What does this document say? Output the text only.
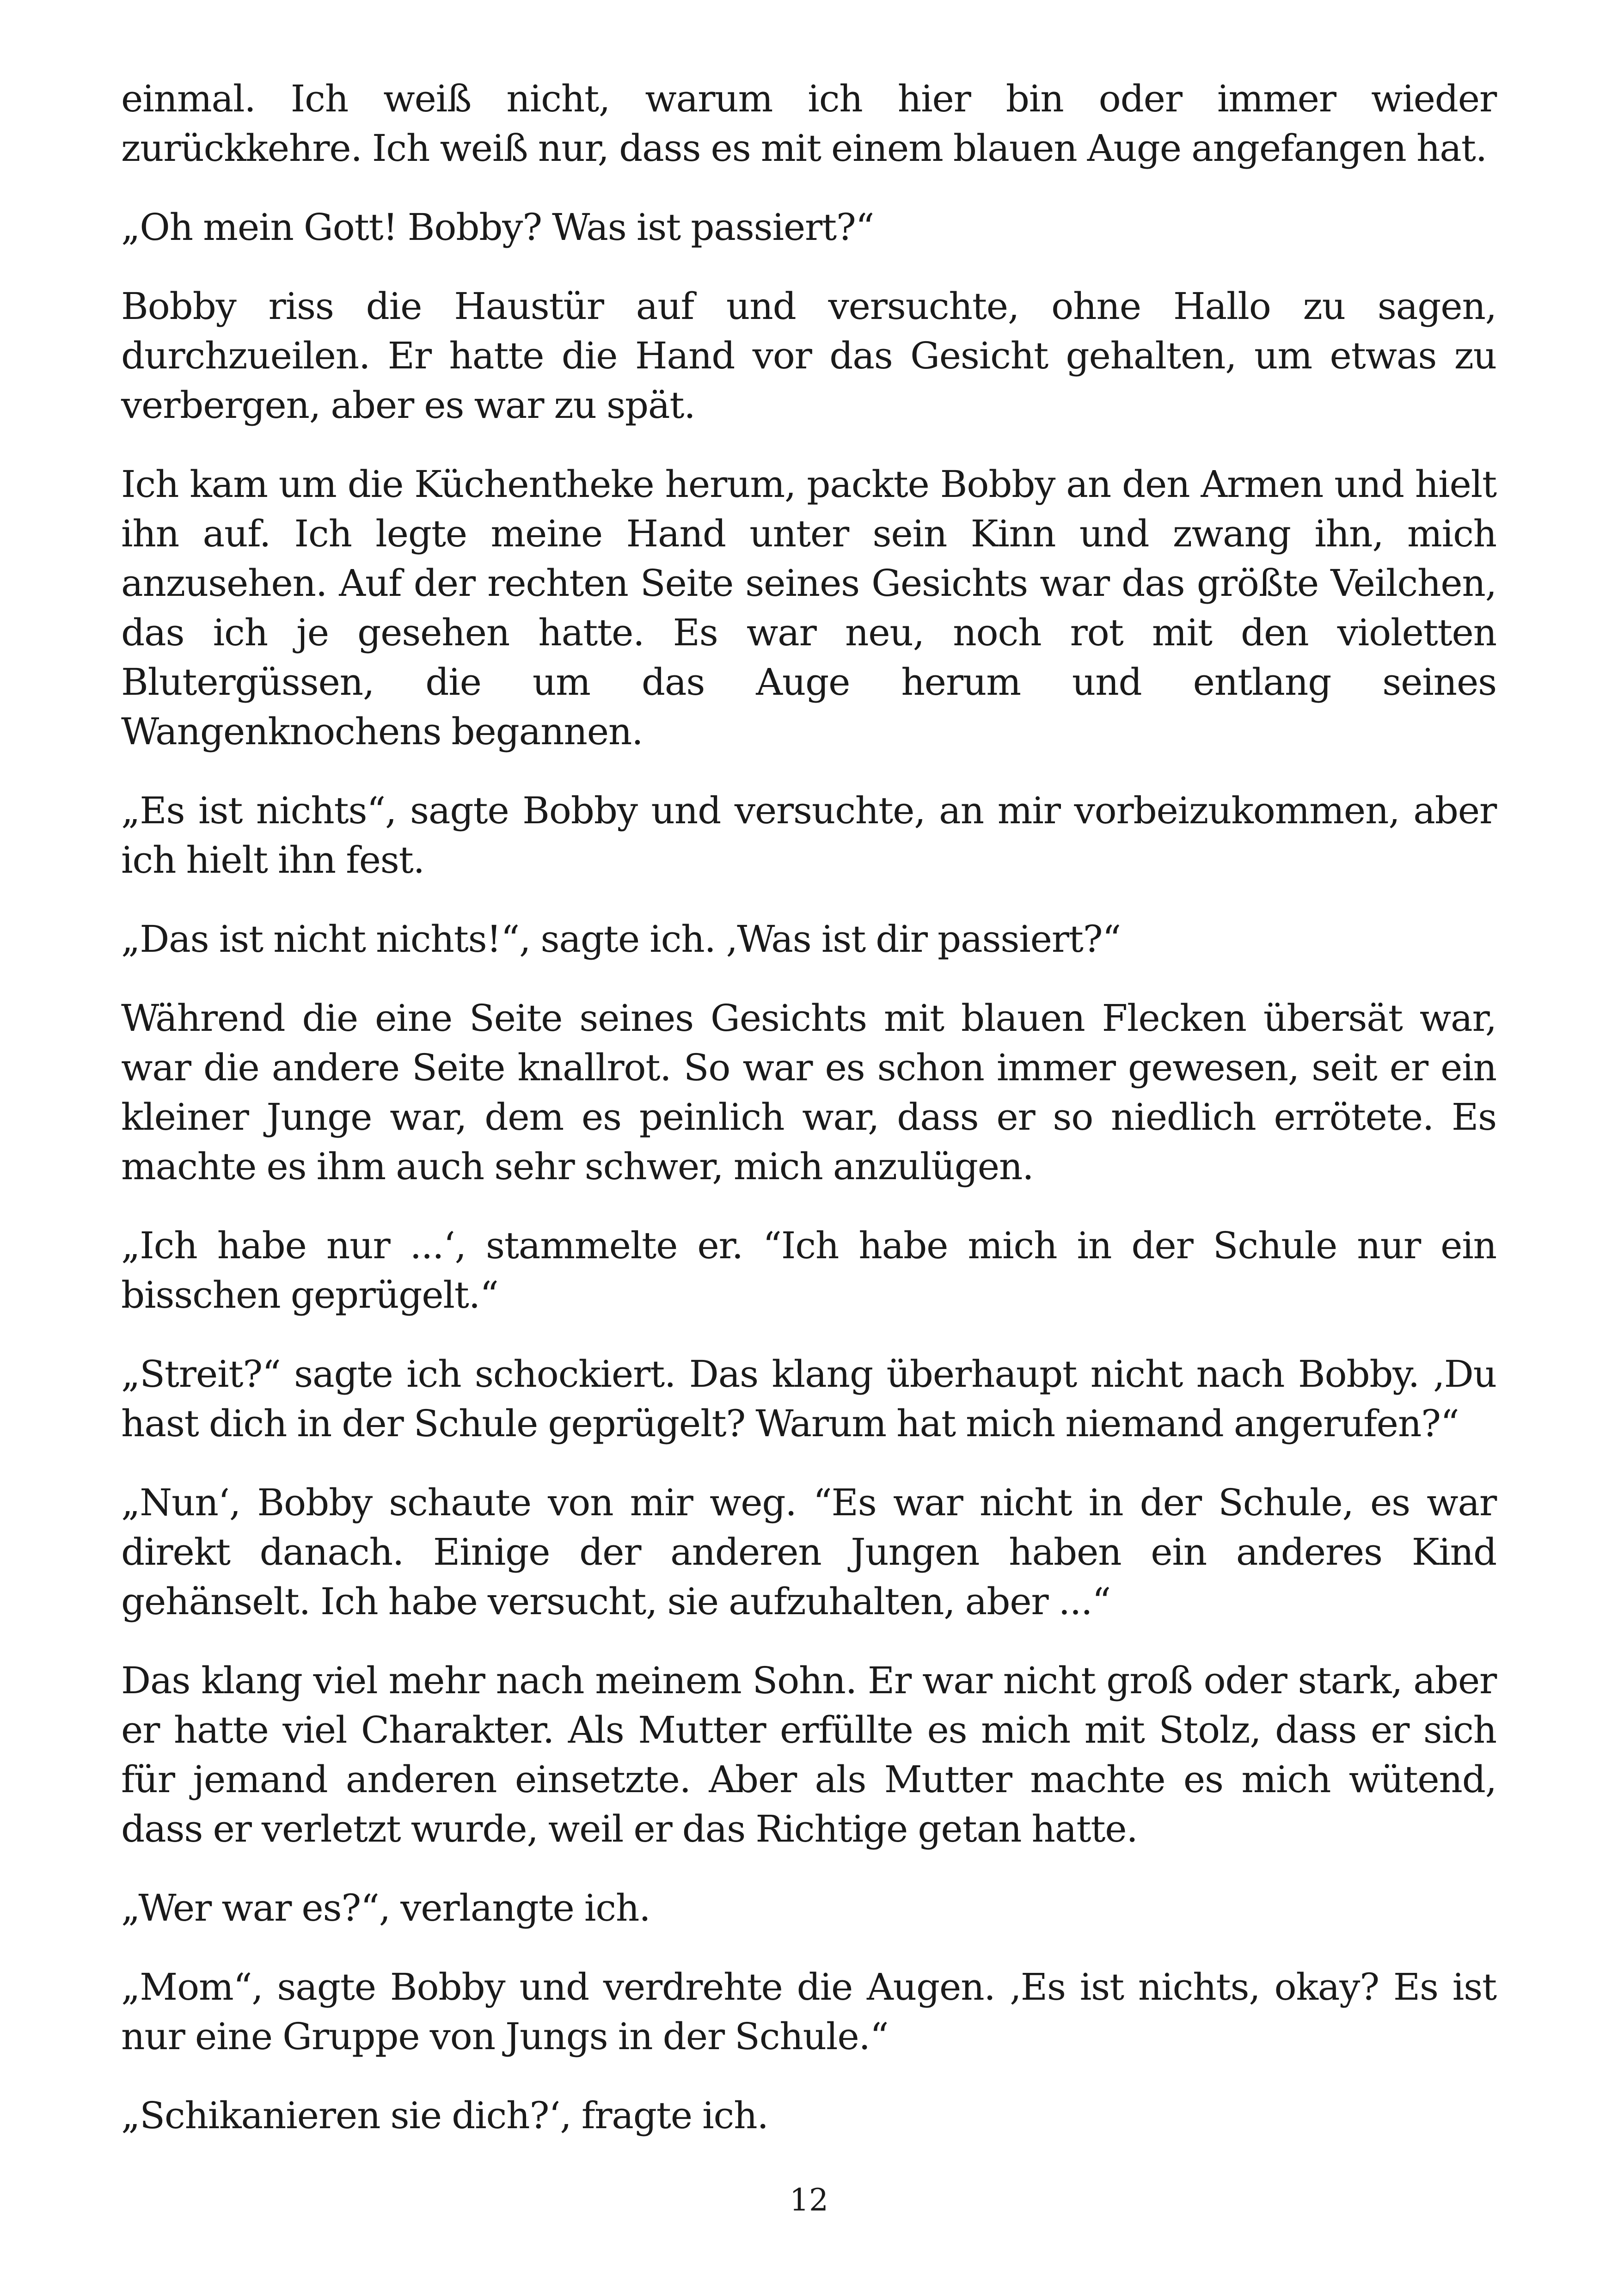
einmal. Ich weiß nicht, warum ich hier bin oder immer wieder zurückkehre. Ich weiß nur, dass es mit einem blauen Auge angefangen hat.

„Oh mein Gott! Bobby? Was ist passiert?“

Bobby riss die Haustür auf und versuchte, ohne Hallo zu sagen, durchzueilen. Er hatte die Hand vor das Gesicht gehalten, um etwas zu verbergen, aber es war zu spät.

Ich kam um die Küchentheke herum, packte Bobby an den Armen und hielt ihn auf. Ich legte meine Hand unter sein Kinn und zwang ihn, mich anzusehen. Auf der rechten Seite seines Gesichts war das größte Veilchen, das ich je gesehen hatte. Es war neu, noch rot mit den violetten Blutergüssen, die um das Auge herum und entlang seines Wangenknochens begannen.

„Es ist nichts“, sagte Bobby und versuchte, an mir vorbeizukommen, aber ich hielt ihn fest.

„Das ist nicht nichts!“, sagte ich. ‚Was ist dir passiert?“

Während die eine Seite seines Gesichts mit blauen Flecken übersät war, war die andere Seite knallrot. So war es schon immer gewesen, seit er ein kleiner Junge war, dem es peinlich war, dass er so niedlich errötete. Es machte es ihm auch sehr schwer, mich anzulügen.

„Ich habe nur ...‘, stammelte er. “Ich habe mich in der Schule nur ein bisschen geprügelt.“

„Streit?“ sagte ich schockiert. Das klang überhaupt nicht nach Bobby. ‚Du hast dich in der Schule geprügelt? Warum hat mich niemand angerufen?“

„Nun‘, Bobby schaute von mir weg. “Es war nicht in der Schule, es war direkt danach. Einige der anderen Jungen haben ein anderes Kind gehänselt. Ich habe versucht, sie aufzuhalten, aber ...“

Das klang viel mehr nach meinem Sohn. Er war nicht groß oder stark, aber er hatte viel Charakter. Als Mutter erfüllte es mich mit Stolz, dass er sich für jemand anderen einsetzte. Aber als Mutter machte es mich wütend, dass er verletzt wurde, weil er das Richtige getan hatte.

„Wer war es?“, verlangte ich.

„Mom“, sagte Bobby und verdrehte die Augen. ‚Es ist nichts, okay? Es ist nur eine Gruppe von Jungs in der Schule.“

„Schikanieren sie dich?‘, fragte ich.

12
